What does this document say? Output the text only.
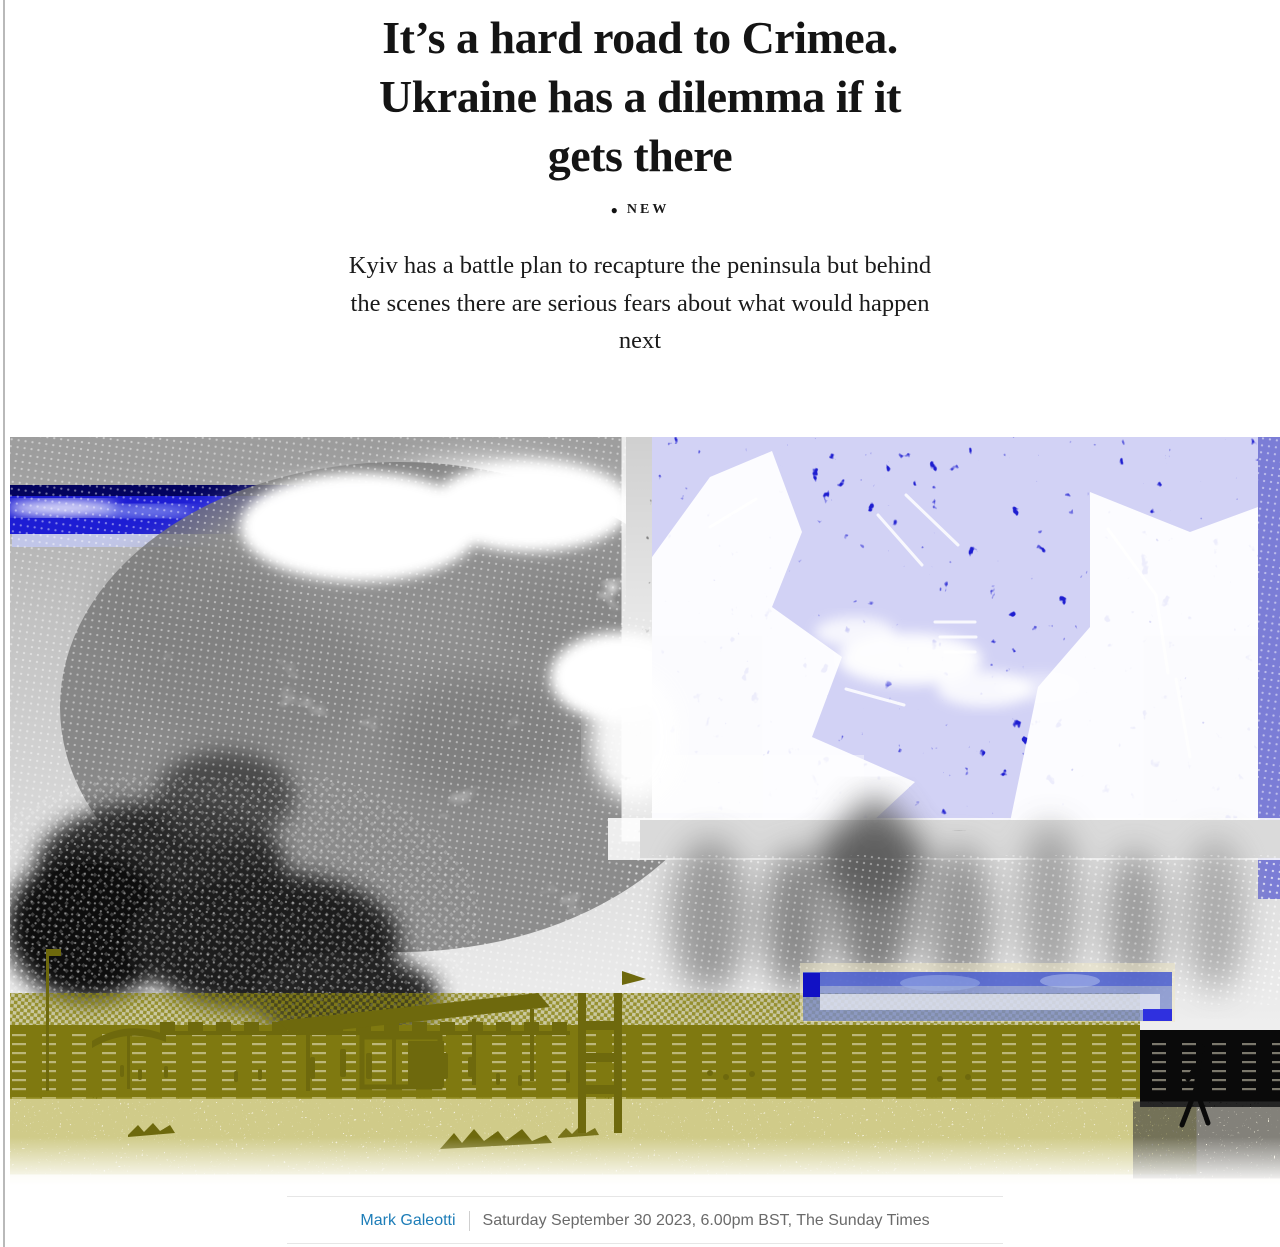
It’s a hard road to Crimea.
Ukraine has a dilemma if it
gets there
● NEW

Kyiv has a battle plan to recapture the peninsula but behind
the scenes there are serious fears about what would happen
next

Mark Galeotti Saturday September 30 2023, 6.00pm BST, The Sunday Times
